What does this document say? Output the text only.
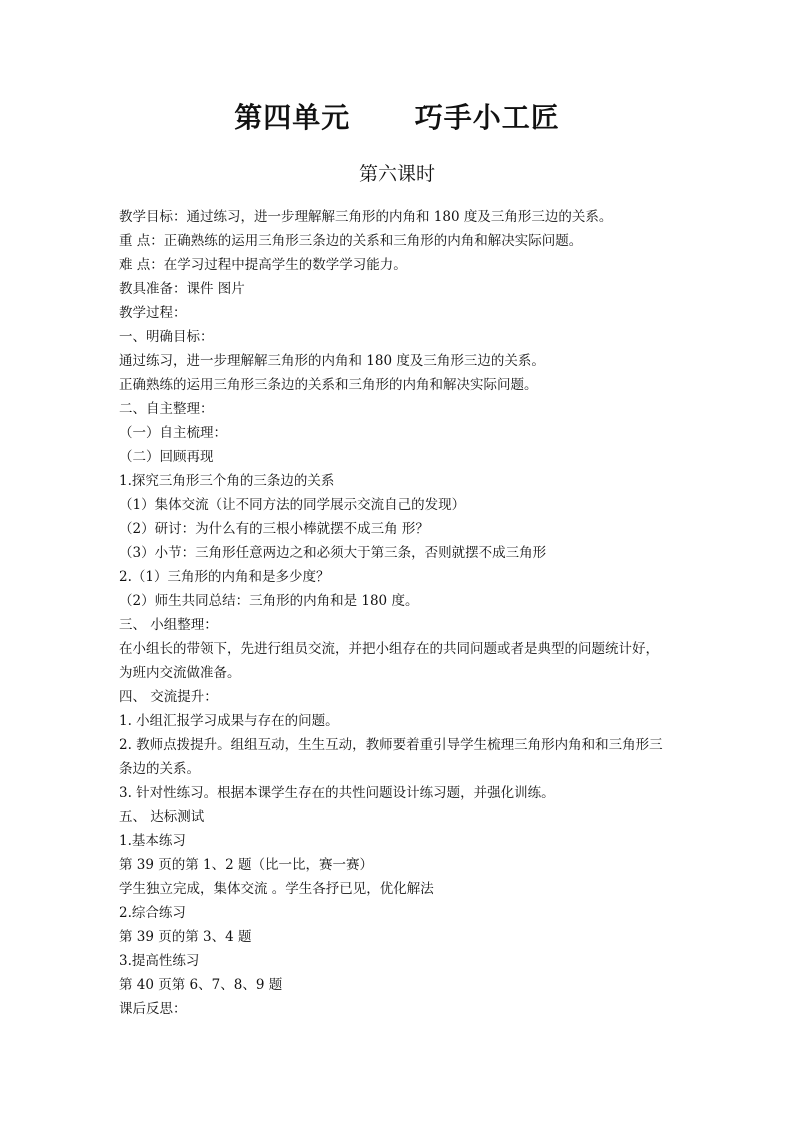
第四单元      巧手小工匠
第六课时
教学目标：通过练习，进一步理解解三角形的内角和 180 度及三角形三边的关系。
重 点：正确熟练的运用三角形三条边的关系和三角形的内角和解决实际问题。
难 点：在学习过程中提高学生的数学学习能力。
教具准备：课件 图片
教学过程：
一、明确目标：
通过练习，进一步理解解三角形的内角和 180 度及三角形三边的关系。
正确熟练的运用三角形三条边的关系和三角形的内角和解决实际问题。
二、自主整理：
（一）自主梳理：
（二）回顾再现
1.探究三角形三个角的三条边的关系
（1）集体交流（让不同方法的同学展示交流自己的发现）
（2）研讨：为什么有的三根小棒就摆不成三角 形？
（3）小节：三角形任意两边之和必须大于第三条，否则就摆不成三角形
2.（1）三角形的内角和是多少度？
（2）师生共同总结：三角形的内角和是 180 度。
三、 小组整理：
在小组长的带领下，先进行组员交流，并把小组存在的共同问题或者是典型的问题统计好，
为班内交流做准备。
四、 交流提升：
1. 小组汇报学习成果与存在的问题。
2. 教师点拨提升。组组互动，生生互动，教师要着重引导学生梳理三角形内角和和三角形三
条边的关系。
3. 针对性练习。根据本课学生存在的共性问题设计练习题，并强化训练。
五、 达标测试
1.基本练习
第 39 页的第 1、2 题（比一比，赛一赛）
学生独立完成，集体交流 。学生各抒已见，优化解法
2.综合练习
第 39 页的第 3、4 题
3.提高性练习
第 40 页第 6、7、8、9 题
课后反思：
